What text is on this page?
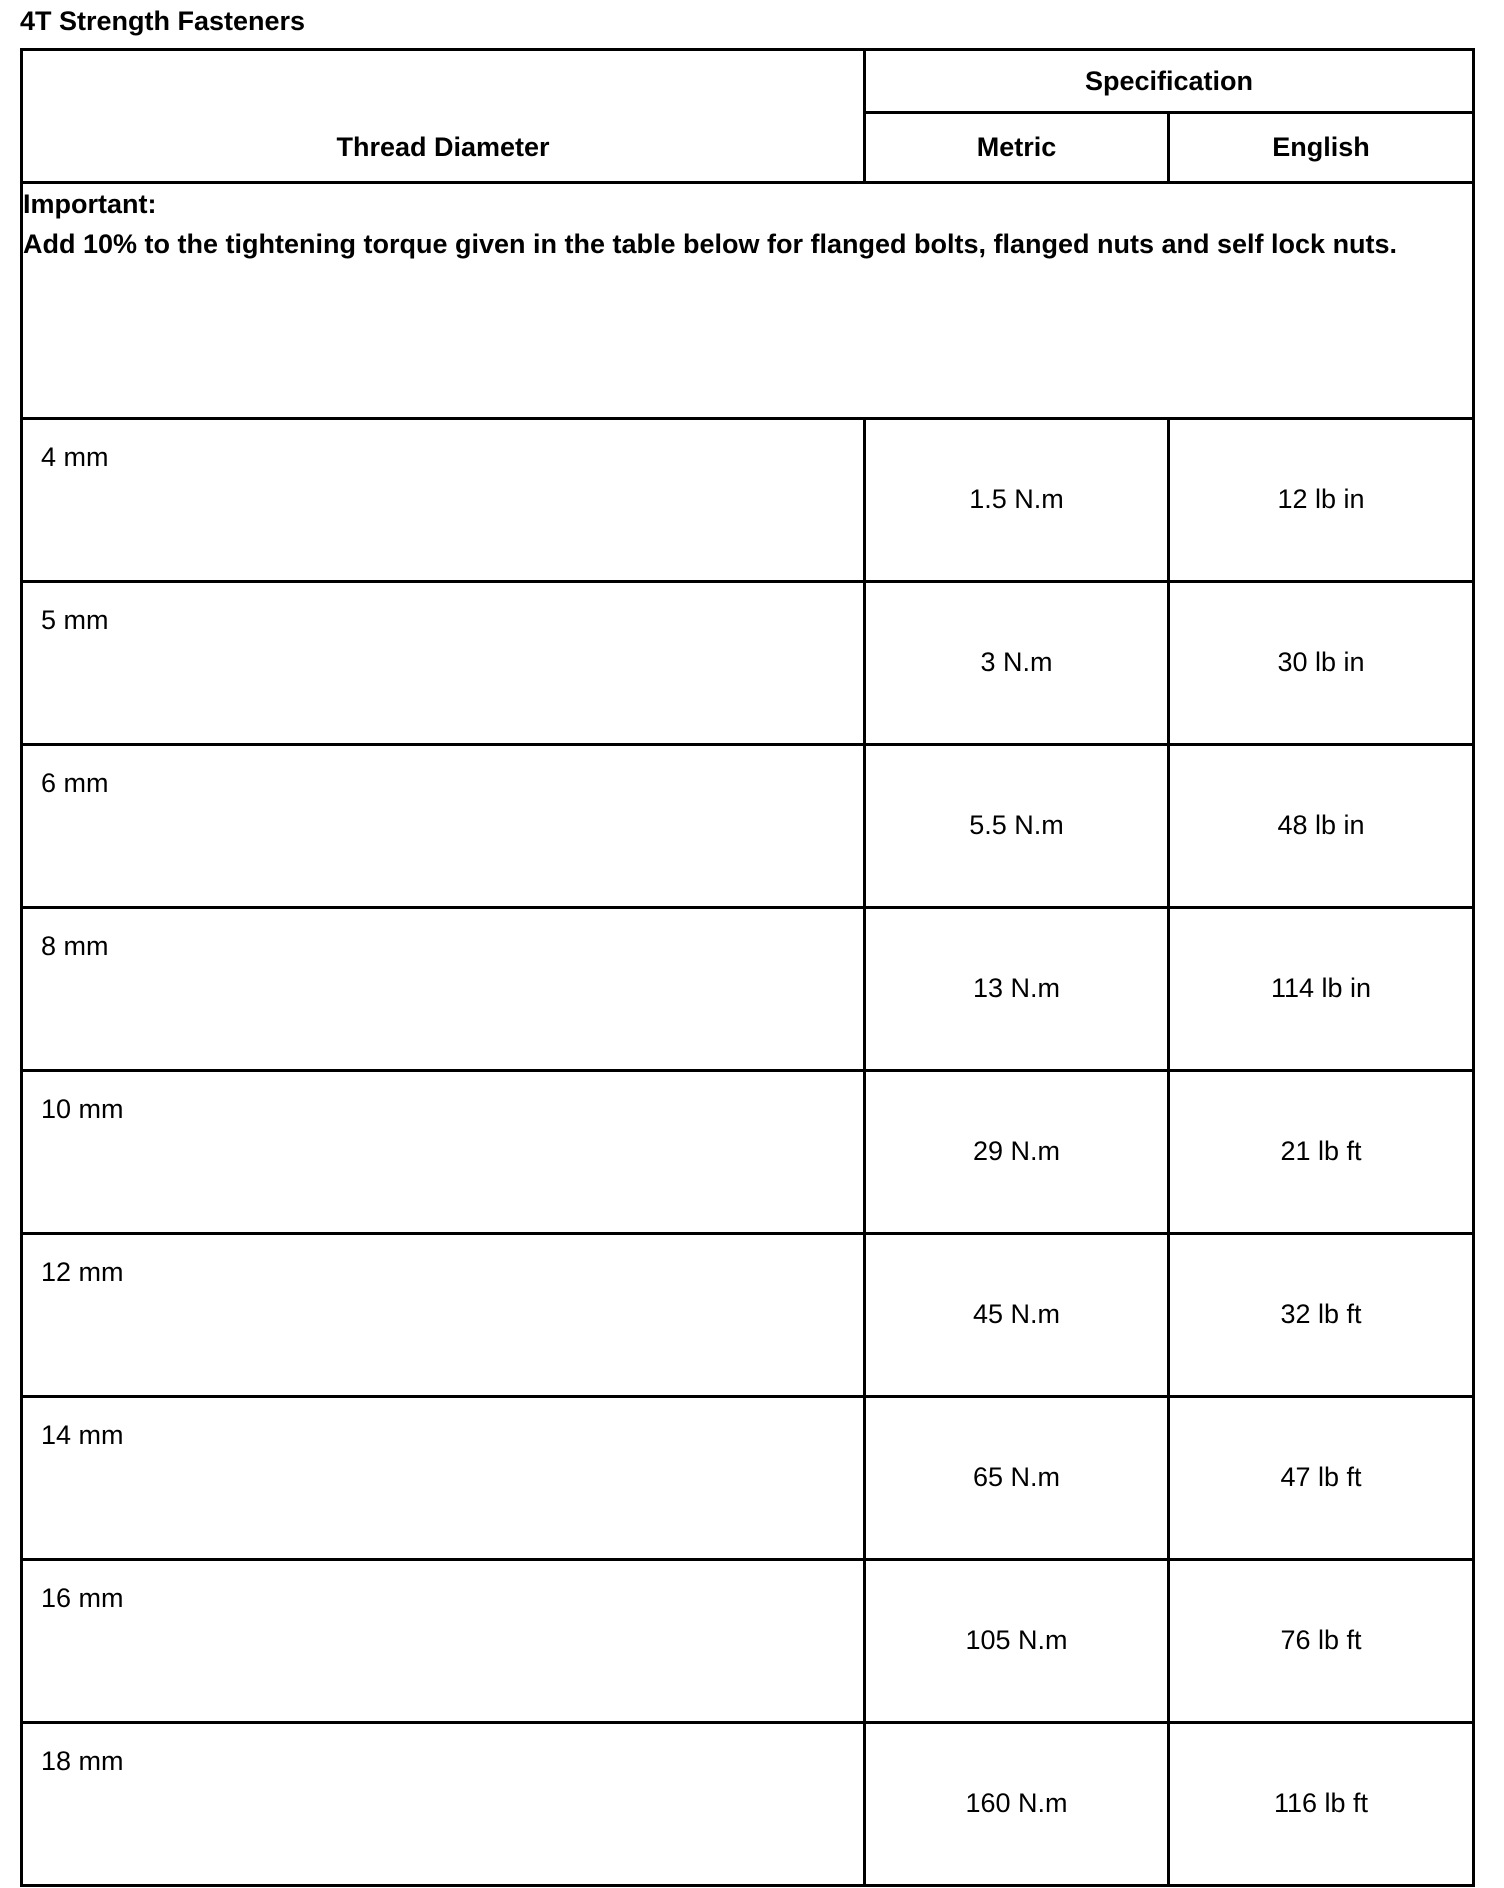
4T Strength Fasteners
Thread Diameter	Specification	
	Metric	English

Important:
Add 10% to the tightening torque given in the table below for flanged bolts, flanged nuts and self lock nuts.		

4 mm	1.5 N.m	12 lb in
5 mm	3 N.m	30 lb in
6 mm	5.5 N.m	48 lb in
8 mm	13 N.m	114 lb in
10 mm	29 N.m	21 lb ft
12 mm	45 N.m	32 lb ft
14 mm	65 N.m	47 lb ft
16 mm	105 N.m	76 lb ft
18 mm	160 N.m	116 lb ft
